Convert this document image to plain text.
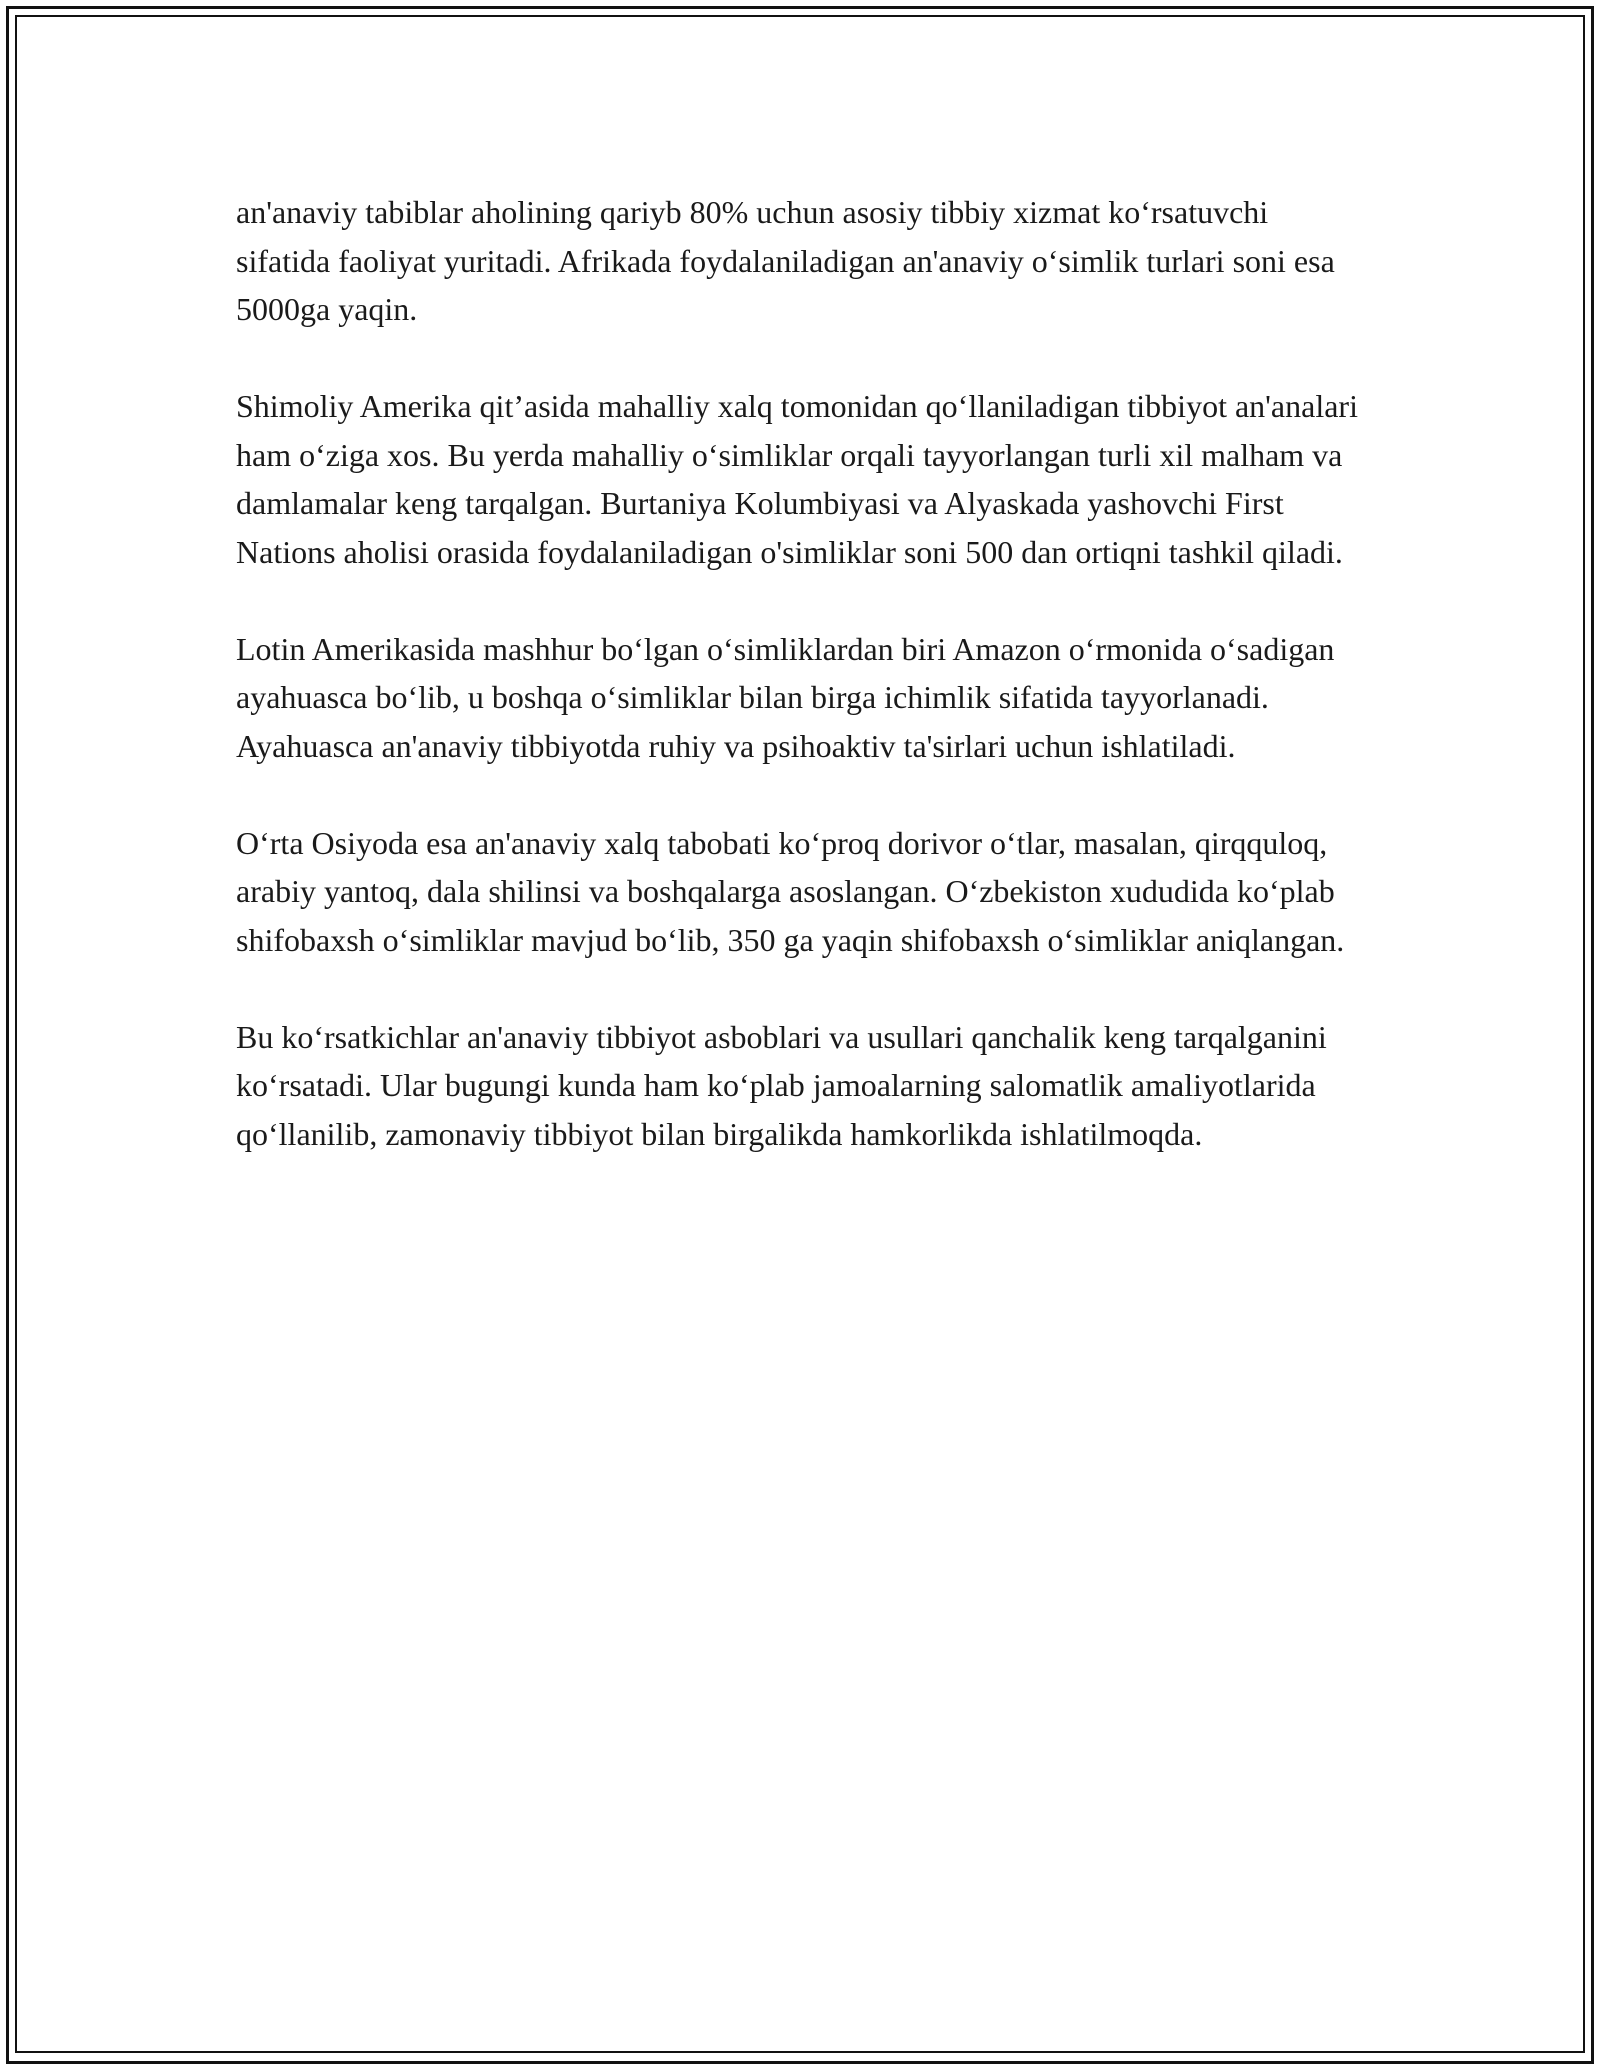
an'anaviy tabiblar aholining qariyb 80% uchun asosiy tibbiy xizmat ko‘rsatuvchi sifatida faoliyat yuritadi. Afrikada foydalaniladigan an'anaviy o‘simlik turlari soni esa 5000ga yaqin.

Shimoliy Amerika qit’asida mahalliy xalq tomonidan qo‘llaniladigan tibbiyot an'analari ham o‘ziga xos. Bu yerda mahalliy o‘simliklar orqali tayyorlangan turli xil malham va damlamalar keng tarqalgan. Burtaniya Kolumbiyasi va Alyaskada yashovchi First Nations aholisi orasida foydalaniladigan o'simliklar soni 500 dan ortiqni tashkil qiladi.

Lotin Amerikasida mashhur bo‘lgan o‘simliklardan biri Amazon o‘rmonida o‘sadigan ayahuasca bo‘lib, u boshqa o‘simliklar bilan birga ichimlik sifatida tayyorlanadi. Ayahuasca an'anaviy tibbiyotda ruhiy va psihoaktiv ta'sirlari uchun ishlatiladi.

O‘rta Osiyoda esa an'anaviy xalq tabobati ko‘proq dorivor o‘tlar, masalan, qirqquloq, arabiy yantoq, dala shilinsi va boshqalarga asoslangan. O‘zbekiston xududida ko‘plab shifobaxsh o‘simliklar mavjud bo‘lib, 350 ga yaqin shifobaxsh o‘simliklar aniqlangan.

Bu ko‘rsatkichlar an'anaviy tibbiyot asboblari va usullari qanchalik keng tarqalganini ko‘rsatadi. Ular bugungi kunda ham ko‘plab jamoalarning salomatlik amaliyotlarida qo‘llanilib, zamonaviy tibbiyot bilan birgalikda hamkorlikda ishlatilmoqda.
